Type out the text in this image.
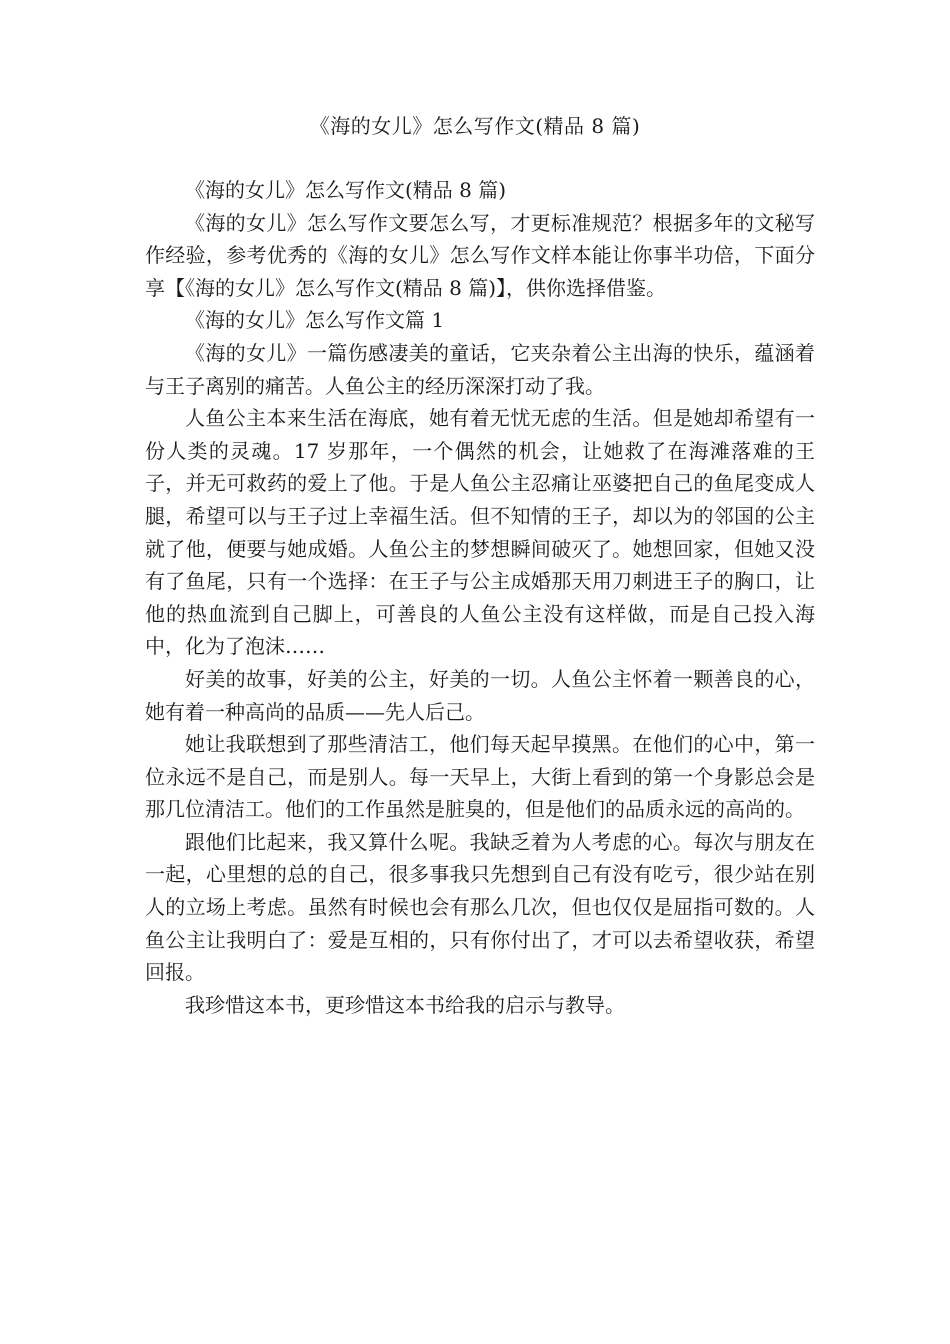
《海的女儿》怎么写作文(精品 8 篇)

《海的女儿》怎么写作文(精品 8 篇)

《海的女儿》怎么写作文要怎么写，才更标准规范？根据多年的文秘写作经验，参考优秀的《海的女儿》怎么写作文样本能让你事半功倍，下面分享【《海的女儿》怎么写作文(精品 8 篇)】，供你选择借鉴。

《海的女儿》怎么写作文篇 1

《海的女儿》一篇伤感凄美的童话，它夹杂着公主出海的快乐，蕴涵着与王子离别的痛苦。人鱼公主的经历深深打动了我。

人鱼公主本来生活在海底，她有着无忧无虑的生活。但是她却希望有一份人类的灵魂。17 岁那年，一个偶然的机会，让她救了在海滩落难的王子，并无可救药的爱上了他。于是人鱼公主忍痛让巫婆把自己的鱼尾变成人腿，希望可以与王子过上幸福生活。但不知情的王子，却以为的邻国的公主就了他，便要与她成婚。人鱼公主的梦想瞬间破灭了。她想回家，但她又没有了鱼尾，只有一个选择：在王子与公主成婚那天用刀刺进王子的胸口，让他的热血流到自己脚上，可善良的人鱼公主没有这样做，而是自己投入海中，化为了泡沫……

好美的故事，好美的公主，好美的一切。人鱼公主怀着一颗善良的心，她有着一种高尚的品质——先人后己。

她让我联想到了那些清洁工，他们每天起早摸黑。在他们的心中，第一位永远不是自己，而是别人。每一天早上，大街上看到的第一个身影总会是那几位清洁工。他们的工作虽然是脏臭的，但是他们的品质永远的高尚的。

跟他们比起来，我又算什么呢。我缺乏着为人考虑的心。每次与朋友在一起，心里想的总的自己，很多事我只先想到自己有没有吃亏，很少站在别人的立场上考虑。虽然有时候也会有那么几次，但也仅仅是屈指可数的。人鱼公主让我明白了：爱是互相的，只有你付出了，才可以去希望收获，希望回报。

我珍惜这本书，更珍惜这本书给我的启示与教导。
